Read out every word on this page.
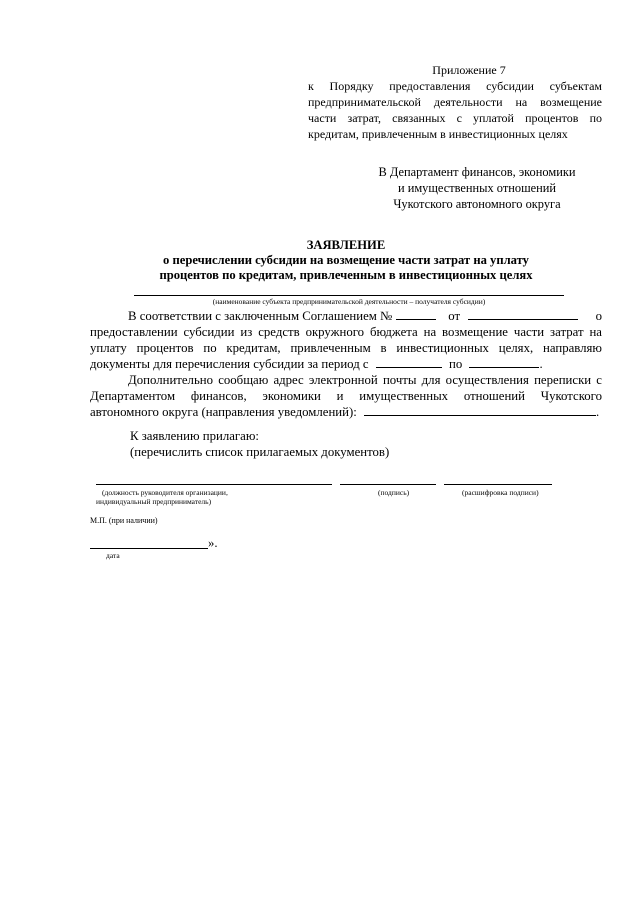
Приложение 7
к Порядку предоставления субсидии субъектам
предпринимательской деятельности на возмещение
части затрат, связанных с уплатой процентов по
кредитам, привлеченным в инвестиционных целях
В Департамент финансов, экономики
и имущественных отношений
Чукотского автономного округа
ЗАЯВЛЕНИЕ
о перечислении субсидии на возмещение части затрат на уплату
процентов по кредитам, привлеченным в инвестиционных целях
(наименование субъекта предпринимательской деятельности – получателя субсидии)
В соответствии с заключенным Соглашением №	от	о
предоставлении субсидии из средств окружного бюджета на возмещение части затрат на
уплату процентов по кредитам, привлеченным в инвестиционных целях, направляю
документы для перечисления субсидии за период с	по	.
Дополнительно сообщаю адрес электронной почты для осуществления переписки с
Департаментом финансов, экономики и имущественных отношений Чукотского
автономного округа (направления уведомлений):	.
К заявлению прилагаю:
(перечислить список прилагаемых документов)
(должность руководителя организации,
индивидуальный предприниматель)
(подпись)	(расшифровка подписи)
М.П. (при наличии)
».
дата
